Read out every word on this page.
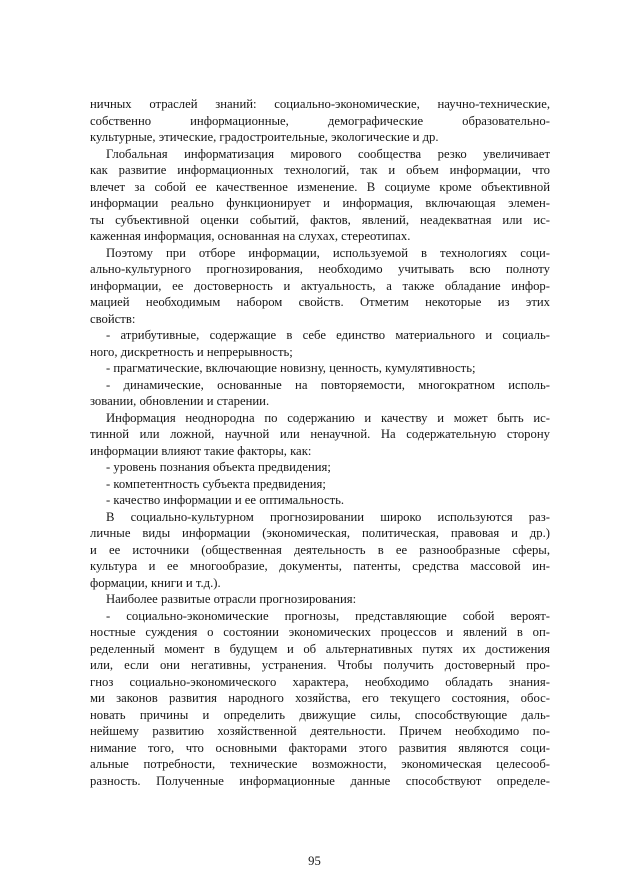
ничных отраслей знаний: социально-экономические, научно-технические,
собственно информационные, демографические образовательно-
культурные, этические, градостроительные, экологические и др.
Глобальная информатизация мирового сообщества резко увеличивает
как развитие информационных технологий, так и объем информации, что
влечет за собой ее качественное изменение. В социуме кроме объективной
информации реально функционирует и информация, включающая элемен-
ты субъективной оценки событий, фактов, явлений, неадекватная или ис-
каженная информация, основанная на слухах, стереотипах.
Поэтому при отборе информации, используемой в технологиях соци-
ально-культурного прогнозирования, необходимо учитывать всю полноту
информации, ее достоверность и актуальность, а также обладание инфор-
мацией необходимым набором свойств. Отметим некоторые из этих
свойств:
- атрибутивные, содержащие в себе единство материального и социаль-
ного, дискретность и непрерывность;
- прагматические, включающие новизну, ценность, кумулятивность;
- динамические, основанные на повторяемости, многократном исполь-
зовании, обновлении и старении.
Информация неоднородна по содержанию и качеству и может быть ис-
тинной или ложной, научной или ненаучной. На содержательную сторону
информации влияют такие факторы, как:
- уровень познания объекта предвидения;
- компетентность субъекта предвидения;
- качество информации и ее оптимальность.
В социально-культурном прогнозировании широко используются раз-
личные виды информации (экономическая, политическая, правовая и др.)
и ее источники (общественная деятельность в ее разнообразные сферы,
культура и ее многообразие, документы, патенты, средства массовой ин-
формации, книги и т.д.).
Наиболее развитые отрасли прогнозирования:
- социально-экономические прогнозы, представляющие собой вероят-
ностные суждения о состоянии экономических процессов и явлений в оп-
ределенный момент в будущем и об альтернативных путях их достижения
или, если они негативны, устранения. Чтобы получить достоверный про-
гноз социально-экономического характера, необходимо обладать знания-
ми законов развития народного хозяйства, его текущего состояния, обос-
новать причины и определить движущие силы, способствующие даль-
нейшему развитию хозяйственной деятельности. Причем необходимо по-
нимание того, что основными факторами этого развития являются соци-
альные потребности, технические возможности, экономическая целесооб-
разность. Полученные информационные данные способствуют определе-
95
